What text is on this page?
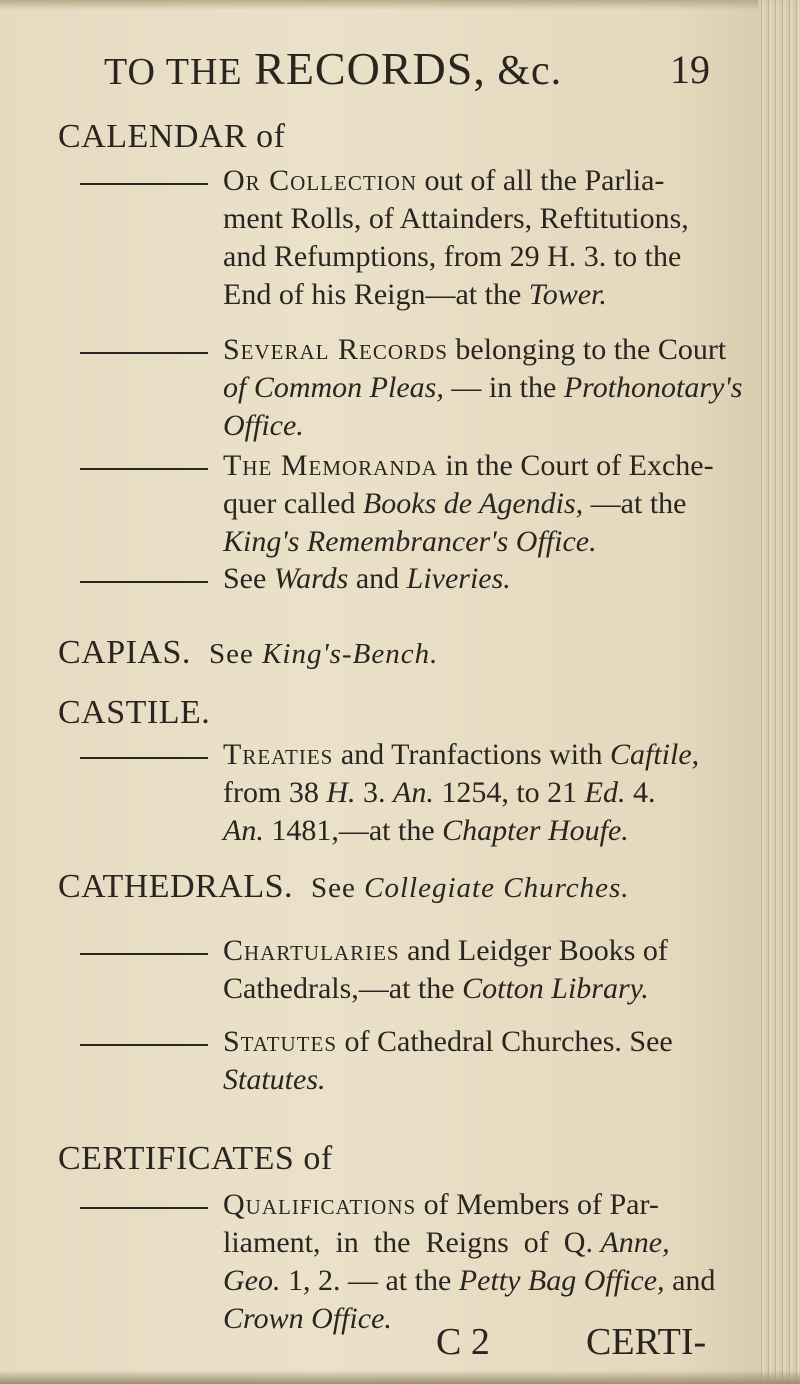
TO THE RECORDS, &c.	19
CALENDAR of
Or Collection out of all the Parlia-
ment Rolls, of Attainders, Reftitutions,
and Refumptions, from 29 H. 3. to the
End of his Reign—at the Tower.
Several Records belonging to the Court
of Common Pleas, — in the Prothonotary's
Office.
The Memoranda in the Court of Exche-
quer called Books de Agendis, —at the
King's Remembrancer's Office.
See Wards and Liveries.
CAPIAS. See King's-Bench.
CASTILE.
Treaties and Tranfactions with Caftile,
from 38 H. 3. An. 1254, to 21 Ed. 4.
An. 1481,—at the Chapter Houfe.
CATHEDRALS. See Collegiate Churches.
Chartularies and Leidger Books of
Cathedrals,—at the Cotton Library.
Statutes of Cathedral Churches. See
Statutes.
CERTIFICATES of
Qualifications of Members of Par-
liament,  in  the  Reigns  of  Q. Anne,
Geo. 1, 2. — at the Petty Bag Office, and
Crown Office.
C 2	CERTI-
